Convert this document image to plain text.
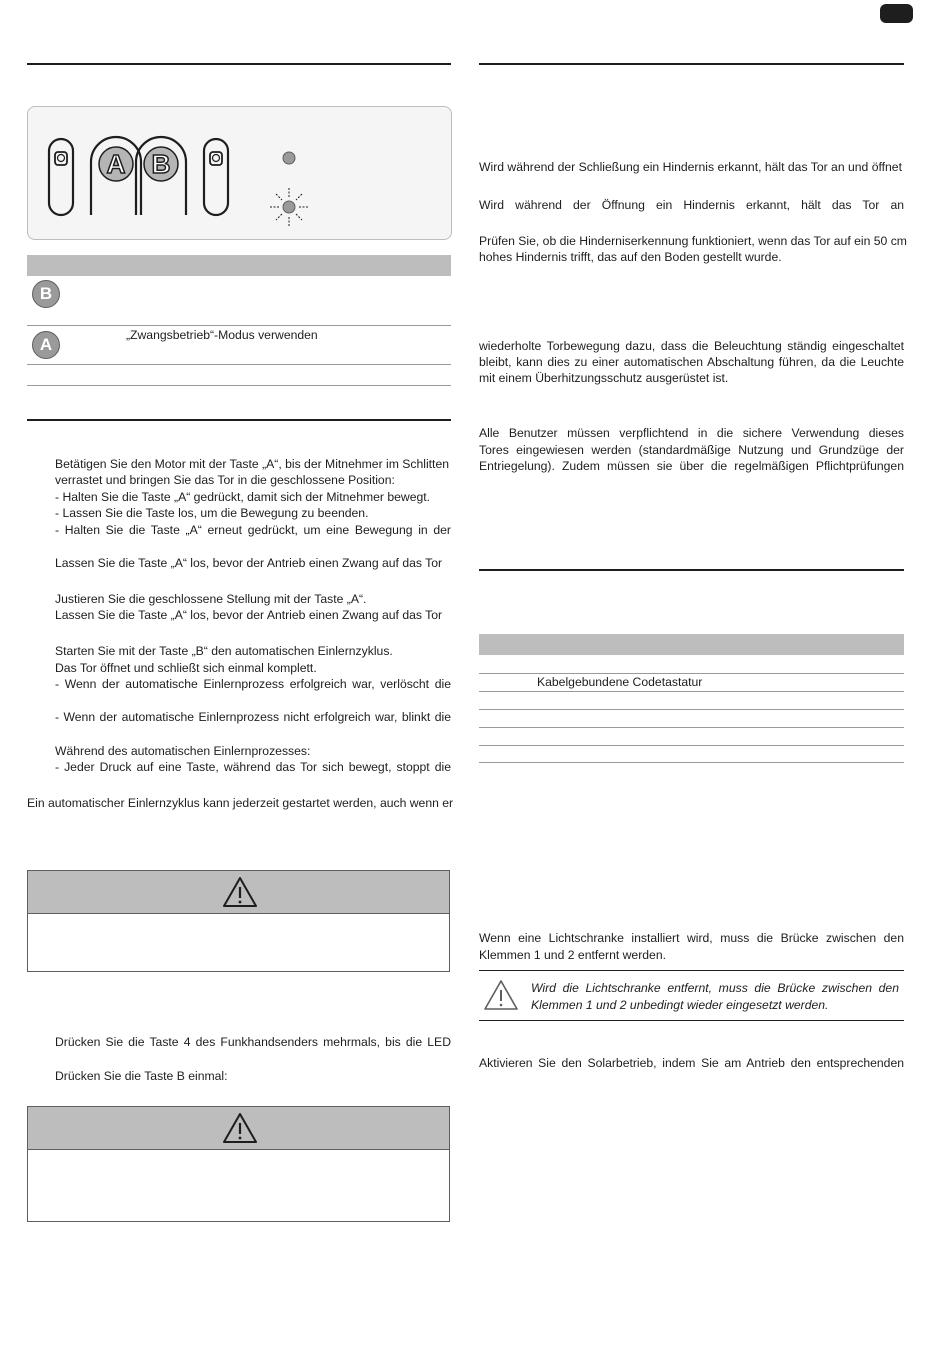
A B
B
A	„Zwangsbetrieb“-Modus verwenden
Betätigen Sie den Motor mit der Taste „A“, bis der Mitnehmer im Schlitten
verrastet und bringen Sie das Tor in die geschlossene Position:
- Halten Sie die Taste „A“ gedrückt, damit sich der Mitnehmer bewegt.
- Lassen Sie die Taste los, um die Bewegung zu beenden.
- Halten Sie die Taste „A“ erneut gedrückt, um eine Bewegung in der
Lassen Sie die Taste „A“ los, bevor der Antrieb einen Zwang auf das Tor
Justieren Sie die geschlossene Stellung mit der Taste „A“.
Lassen Sie die Taste „A“ los, bevor der Antrieb einen Zwang auf das Tor
Starten Sie mit der Taste „B“ den automatischen Einlernzyklus.
Das Tor öffnet und schließt sich einmal komplett.
- Wenn der automatische Einlernprozess erfolgreich war, verlöscht die
- Wenn der automatische Einlernprozess nicht erfolgreich war, blinkt die
Während des automatischen Einlernprozesses:
- Jeder Druck auf eine Taste, während das Tor sich bewegt, stoppt die
Ein automatischer Einlernzyklus kann jederzeit gestartet werden, auch wenn er
Drücken Sie die Taste 4 des Funkhandsenders mehrmals, bis die LED
Drücken Sie die Taste B einmal:
Wird während der Schließung ein Hindernis erkannt, hält das Tor an und öffnet
Wird während der Öffnung ein Hindernis erkannt, hält das Tor an
Prüfen Sie, ob die Hinderniserkennung funktioniert, wenn das Tor auf ein 50 cm
hohes Hindernis trifft, das auf den Boden gestellt wurde.
wiederholte Torbewegung dazu, dass die Beleuchtung ständig eingeschaltet
bleibt, kann dies zu einer automatischen Abschaltung führen, da die Leuchte
mit einem Überhitzungsschutz ausgerüstet ist.
Alle Benutzer müssen verpflichtend in die sichere Verwendung dieses
Tores eingewiesen werden (standardmäßige Nutzung und Grundzüge der
Entriegelung). Zudem müssen sie über die regelmäßigen Pflichtprüfungen
Kabelgebundene Codetastatur
Wenn eine Lichtschranke installiert wird, muss die Brücke zwischen den
Klemmen 1 und 2 entfernt werden.
Wird die Lichtschranke entfernt, muss die Brücke zwischen den
Klemmen 1 und 2 unbedingt wieder eingesetzt werden.
Aktivieren Sie den Solarbetrieb, indem Sie am Antrieb den entsprechenden
